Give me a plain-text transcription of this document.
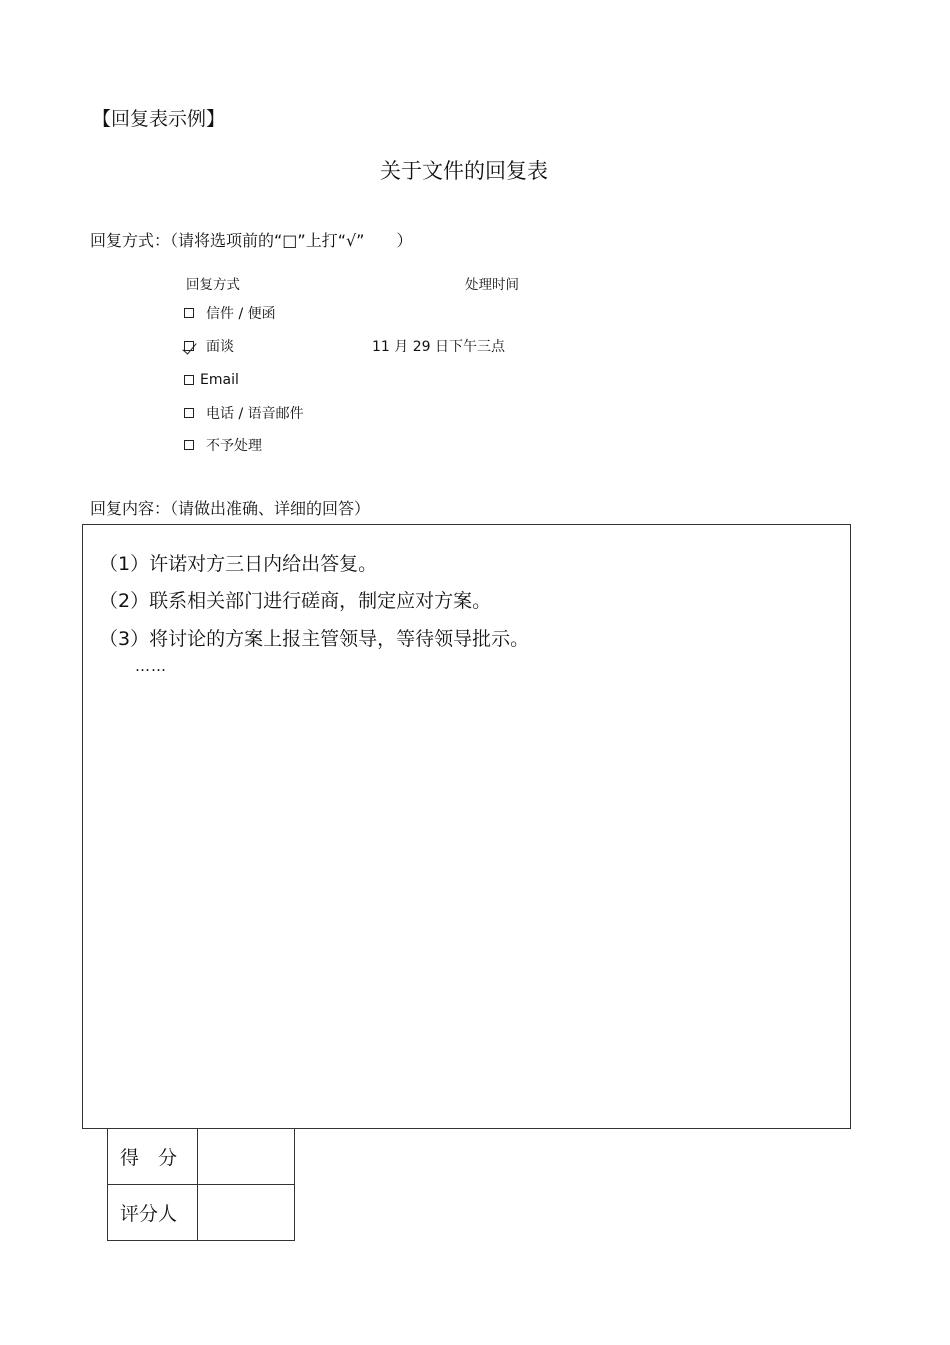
【回复表示例】
关于文件的回复表
回复方式：（请将选项前的“□”上打“√”　　）
回复方式	处理时间
信件 / 便函
面谈	11 月 29 日下午三点
Email
电话 / 语音邮件
不予处理
回复内容：（请做出准确、详细的回答）
（1）许诺对方三日内给出答复。
（2）联系相关部门进行磋商，制定应对方案。
（3）将讨论的方案上报主管领导，等待领导批示。
……
得　分	
评分人	
